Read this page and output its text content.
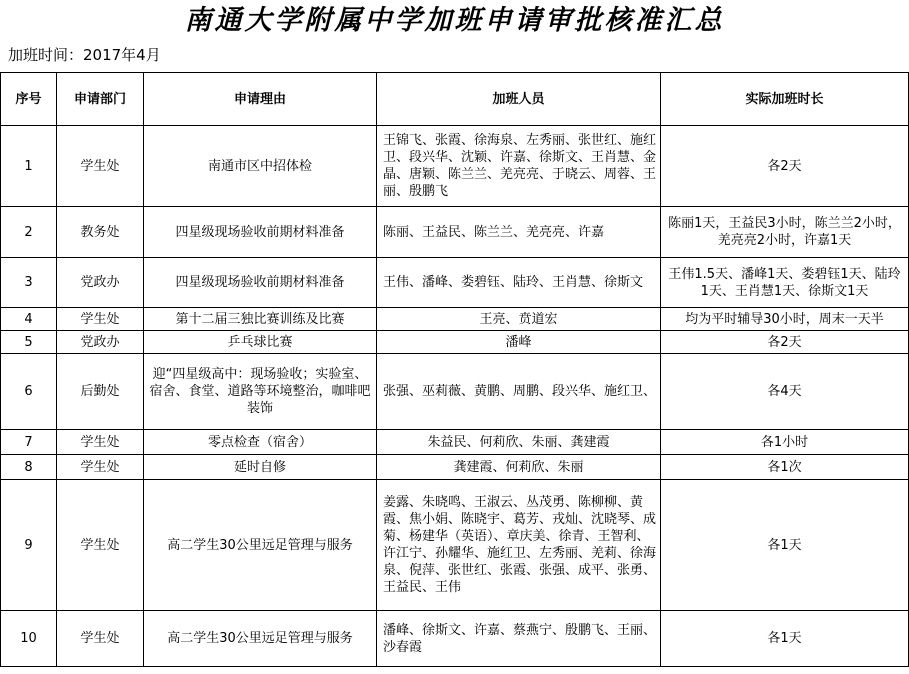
南通大学附属中学加班申请审批核准汇总
加班时间：2017年4月
序号	申请部门	申请理由	加班人员	实际加班时长
1	学生处	南通市区中招体检	王锦飞、张霞、徐海泉、左秀丽、张世红、施红卫、段兴华、沈颖、许嘉、徐斯文、王肖慧、金晶、唐颖、陈兰兰、羌亮亮、于晓云、周蓉、王丽、殷鹏飞	各2天
2	教务处	四星级现场验收前期材料准备	陈丽、王益民、陈兰兰、羌亮亮、许嘉	陈丽1天，王益民3小时，陈兰兰2小时，羌亮亮2小时，许嘉1天
3	党政办	四星级现场验收前期材料准备	王伟、潘峰、娄碧钰、陆玲、王肖慧、徐斯文	王伟1.5天、潘峰1天、娄碧钰1天、陆玲1天、王肖慧1天、徐斯文1天
4	学生处	第十二届三独比赛训练及比赛	王亮、贲道宏	均为平时辅导30小时，周末一天半
5	党政办	乒乓球比赛	潘峰	各2天
6	后勤处	迎“四星级高中：现场验收；实验室、宿舍、食堂、道路等环境整治，咖啡吧装饰	张强、巫莉薇、黄鹏、周鹏、段兴华、施红卫、	各4天
7	学生处	零点检查（宿舍）	朱益民、何莉欣、朱丽、龚建霞	各1小时
8	学生处	延时自修	龚建霞、何莉欣、朱丽	各1次
9	学生处	高二学生30公里远足管理与服务	姜露、朱晓鸣、王淑云、丛茂勇、陈柳柳、黄霞、焦小娟、陈晓宇、葛芳、戎灿、沈晓琴、成菊、杨建华（英语）、章庆美、徐青、王智利、许江宁、孙耀华、施红卫、左秀丽、羌莉、徐海泉、倪萍、张世红、张霞、张强、成平、张勇、王益民、王伟	各1天
10	学生处	高二学生30公里远足管理与服务	潘峰、徐斯文、许嘉、蔡燕宁、殷鹏飞、王丽、沙春霞	各1天
